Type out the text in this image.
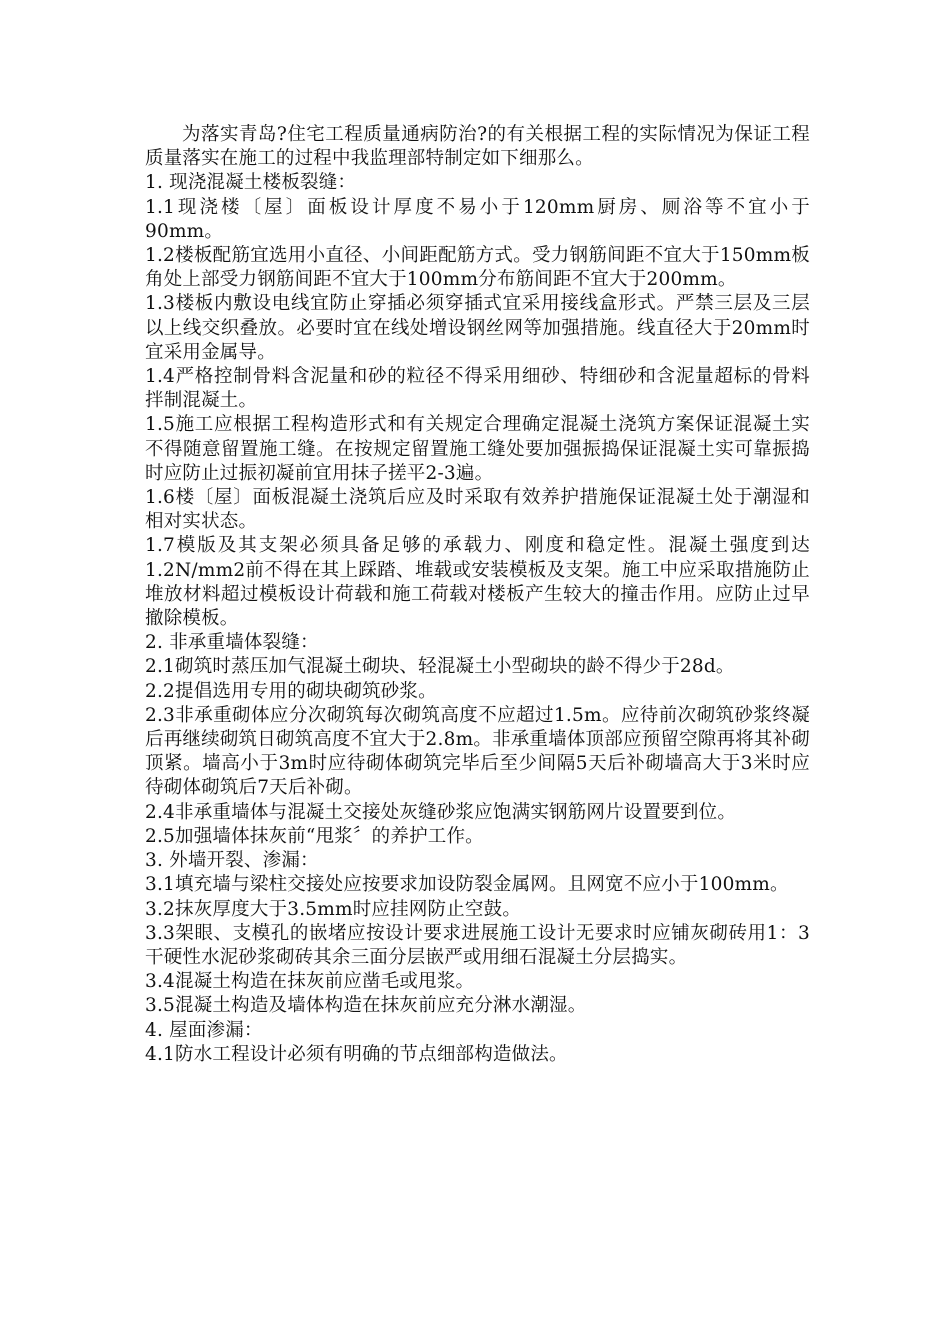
为落实青岛?住宅工程质量通病防治?的有关根据工程的实际情况为保证工程质量落实在施工的过程中我监理部特制定如下细那么。

1. 现浇混凝土楼板裂缝：

1.1现浇楼〔屋〕面板设计厚度不易小于120mm厨房、厕浴等不宜小于90mm。

1.2楼板配筋宜选用小直径、小间距配筋方式。受力钢筋间距不宜大于150mm板角处上部受力钢筋间距不宜大于100mm分布筋间距不宜大于200mm。

1.3楼板内敷设电线宜防止穿插必须穿插式宜采用接线盒形式。严禁三层及三层以上线交织叠放。必要时宜在线处增设钢丝网等加强措施。线直径大于20mm时宜采用金属导。

1.4严格控制骨料含泥量和砂的粒径不得采用细砂、特细砂和含泥量超标的骨料拌制混凝土。

1.5施工应根据工程构造形式和有关规定合理确定混凝土浇筑方案保证混凝土实不得随意留置施工缝。在按规定留置施工缝处要加强振捣保证混凝土实可靠振捣时应防止过振初凝前宜用抹子搓平2-3遍。

1.6楼〔屋〕面板混凝土浇筑后应及时采取有效养护措施保证混凝土处于潮湿和相对实状态。

1.7模版及其支架必须具备足够的承载力、刚度和稳定性。混凝土强度到达1.2N/mm2前不得在其上踩踏、堆载或安装模板及支架。施工中应采取措施防止堆放材料超过模板设计荷载和施工荷载对楼板产生较大的撞击作用。应防止过早撤除模板。

2. 非承重墙体裂缝：

2.1砌筑时蒸压加气混凝土砌块、轻混凝土小型砌块的龄不得少于28d。

2.2提倡选用专用的砌块砌筑砂浆。

2.3非承重砌体应分次砌筑每次砌筑高度不应超过1.5m。应待前次砌筑砂浆终凝后再继续砌筑日砌筑高度不宜大于2.8m。非承重墙体顶部应预留空隙再将其补砌顶紧。墙高小于3m时应待砌体砌筑完毕后至少间隔5天后补砌墙高大于3米时应待砌体砌筑后7天后补砌。

2.4非承重墙体与混凝土交接处灰缝砂浆应饱满实钢筋网片设置要到位。

2.5加强墙体抹灰前“甩浆〞的养护工作。

3. 外墙开裂、渗漏：

3.1填充墙与梁柱交接处应按要求加设防裂金属网。且网宽不应小于100mm。

3.2抹灰厚度大于3.5mm时应挂网防止空鼓。

3.3架眼、支模孔的嵌堵应按设计要求进展施工设计无要求时应铺灰砌砖用1：3干硬性水泥砂浆砌砖其余三面分层嵌严或用细石混凝土分层捣实。

3.4混凝土构造在抹灰前应凿毛或甩浆。

3.5混凝土构造及墙体构造在抹灰前应充分淋水潮湿。

4. 屋面渗漏：

4.1防水工程设计必须有明确的节点细部构造做法。
